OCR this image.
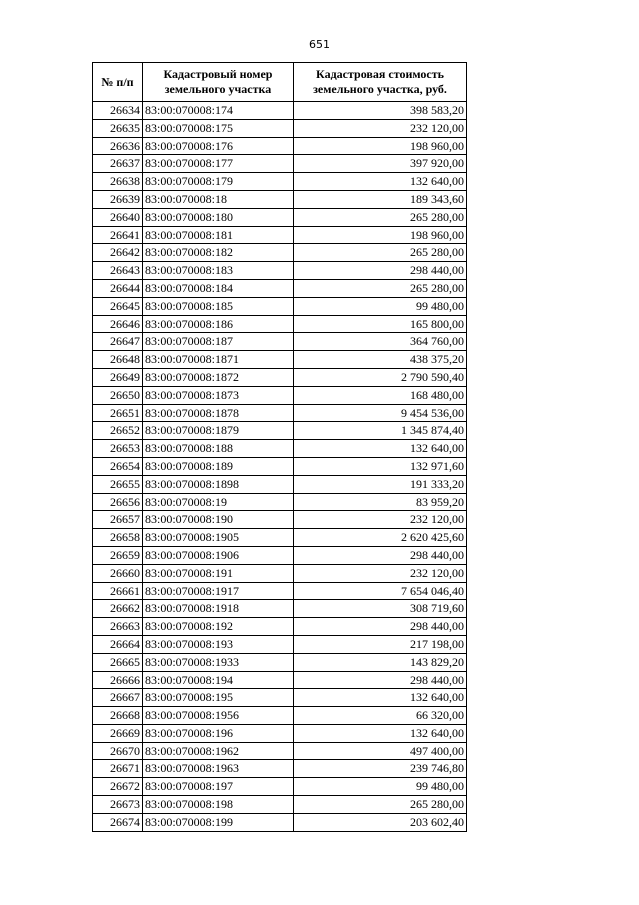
651
№ п/п	Кадастровый номер земельного участка	Кадастровая стоимость земельного участка, руб.
26634	83:00:070008:174	398 583,20
26635	83:00:070008:175	232 120,00
26636	83:00:070008:176	198 960,00
26637	83:00:070008:177	397 920,00
26638	83:00:070008:179	132 640,00
26639	83:00:070008:18	189 343,60
26640	83:00:070008:180	265 280,00
26641	83:00:070008:181	198 960,00
26642	83:00:070008:182	265 280,00
26643	83:00:070008:183	298 440,00
26644	83:00:070008:184	265 280,00
26645	83:00:070008:185	99 480,00
26646	83:00:070008:186	165 800,00
26647	83:00:070008:187	364 760,00
26648	83:00:070008:1871	438 375,20
26649	83:00:070008:1872	2 790 590,40
26650	83:00:070008:1873	168 480,00
26651	83:00:070008:1878	9 454 536,00
26652	83:00:070008:1879	1 345 874,40
26653	83:00:070008:188	132 640,00
26654	83:00:070008:189	132 971,60
26655	83:00:070008:1898	191 333,20
26656	83:00:070008:19	83 959,20
26657	83:00:070008:190	232 120,00
26658	83:00:070008:1905	2 620 425,60
26659	83:00:070008:1906	298 440,00
26660	83:00:070008:191	232 120,00
26661	83:00:070008:1917	7 654 046,40
26662	83:00:070008:1918	308 719,60
26663	83:00:070008:192	298 440,00
26664	83:00:070008:193	217 198,00
26665	83:00:070008:1933	143 829,20
26666	83:00:070008:194	298 440,00
26667	83:00:070008:195	132 640,00
26668	83:00:070008:1956	66 320,00
26669	83:00:070008:196	132 640,00
26670	83:00:070008:1962	497 400,00
26671	83:00:070008:1963	239 746,80
26672	83:00:070008:197	99 480,00
26673	83:00:070008:198	265 280,00
26674	83:00:070008:199	203 602,40
